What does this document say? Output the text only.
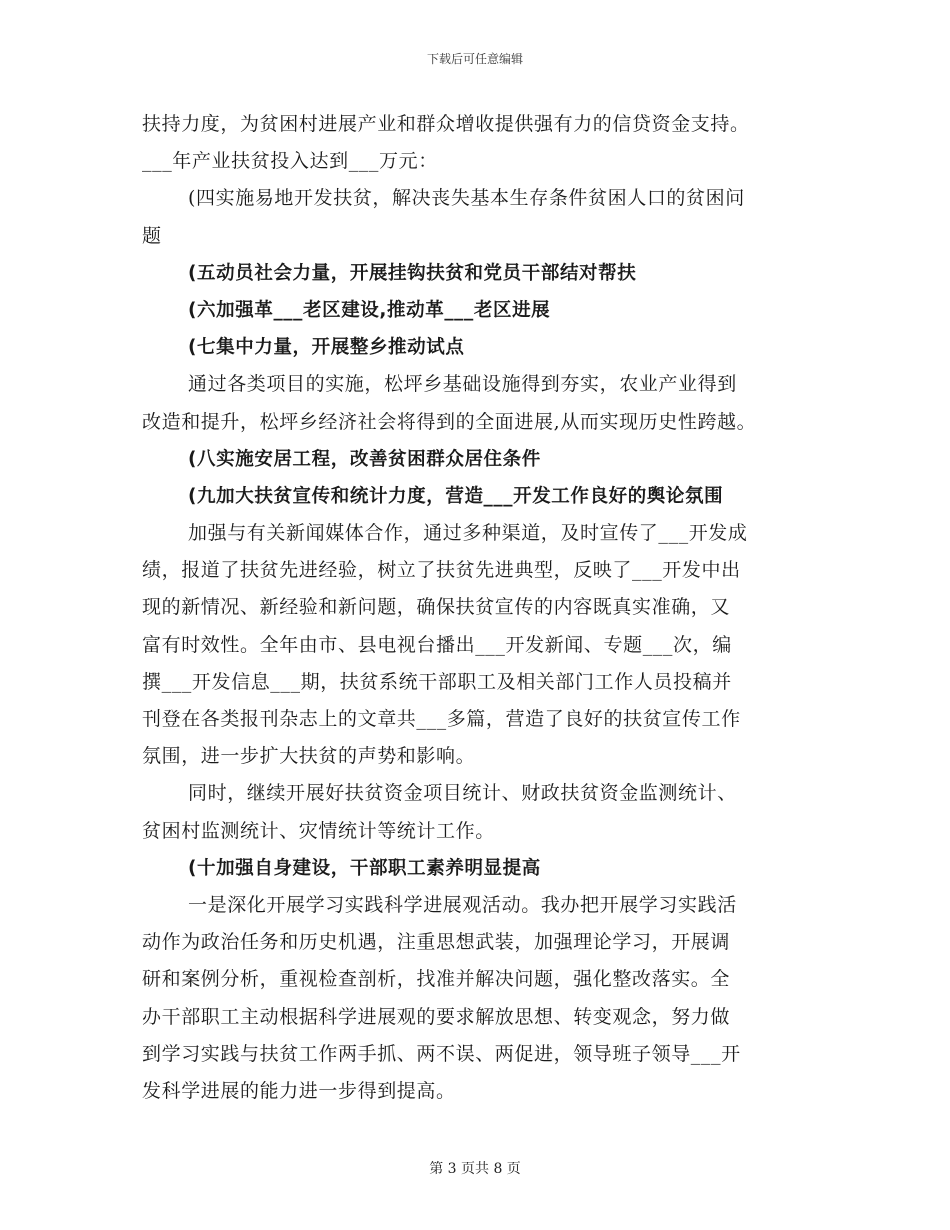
下载后可任意编辑
扶持力度，为贫困村进展产业和群众增收提供强有力的信贷资金支持。
___年产业扶贫投入达到___万元：
(四实施易地开发扶贫，解决丧失基本生存条件贫困人口的贫困问
题
(五动员社会力量，开展挂钩扶贫和党员干部结对帮扶
(六加强革___老区建设,推动革___老区进展
(七集中力量，开展整乡推动试点
通过各类项目的实施，松坪乡基础设施得到夯实，农业产业得到
改造和提升，松坪乡经济社会将得到的全面进展,从而实现历史性跨越。
(八实施安居工程，改善贫困群众居住条件
(九加大扶贫宣传和统计力度，营造___开发工作良好的舆论氛围
加强与有关新闻媒体合作，通过多种渠道，及时宣传了___开发成
绩，报道了扶贫先进经验，树立了扶贫先进典型，反映了___开发中出
现的新情况、新经验和新问题，确保扶贫宣传的内容既真实准确，又
富有时效性。全年由市、县电视台播出___开发新闻、专题___次，编
撰___开发信息___期，扶贫系统干部职工及相关部门工作人员投稿并
刊登在各类报刊杂志上的文章共___多篇，营造了良好的扶贫宣传工作
氛围，进一步扩大扶贫的声势和影响。
同时，继续开展好扶贫资金项目统计、财政扶贫资金监测统计、
贫困村监测统计、灾情统计等统计工作。
(十加强自身建设，干部职工素养明显提高
一是深化开展学习实践科学进展观活动。我办把开展学习实践活
动作为政治任务和历史机遇，注重思想武装，加强理论学习，开展调
研和案例分析，重视检查剖析，找准并解决问题，强化整改落实。全
办干部职工主动根据科学进展观的要求解放思想、转变观念，努力做
到学习实践与扶贫工作两手抓、两不误、两促进，领导班子领导___开
发科学进展的能力进一步得到提高。
第 3 页共 8 页
